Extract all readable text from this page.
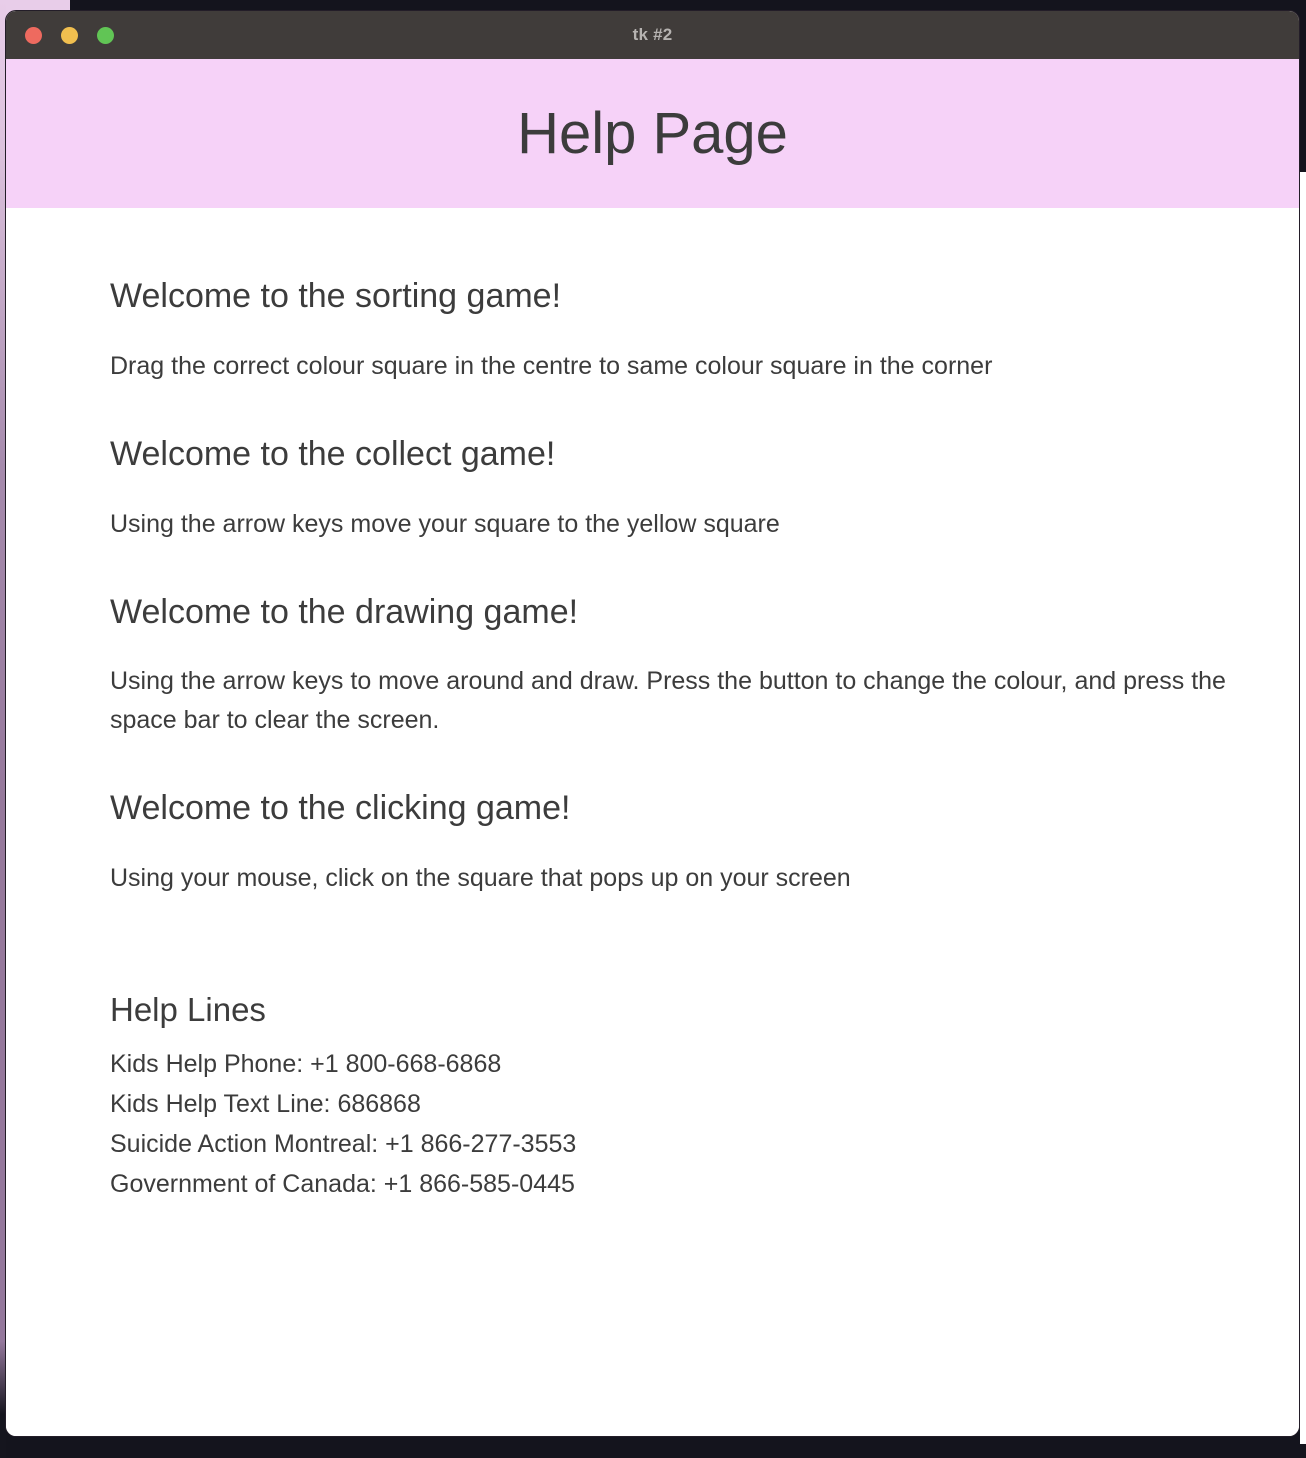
tk #2
Help Page
Welcome to the sorting game!
Drag the correct colour square in the centre to same colour square in the corner
Welcome to the collect game!
Using the arrow keys move your square to the yellow square
Welcome to the drawing game!
Using the arrow keys to move around and draw. Press the button to change the colour, and press the space bar to clear the screen.
Welcome to the clicking game!
Using your mouse, click on the square that pops up on your screen
Help Lines
Kids Help Phone: +1 800-668-6868
Kids Help Text Line: 686868
Suicide Action Montreal: +1 866-277-3553
Government of Canada: +1 866-585-0445
